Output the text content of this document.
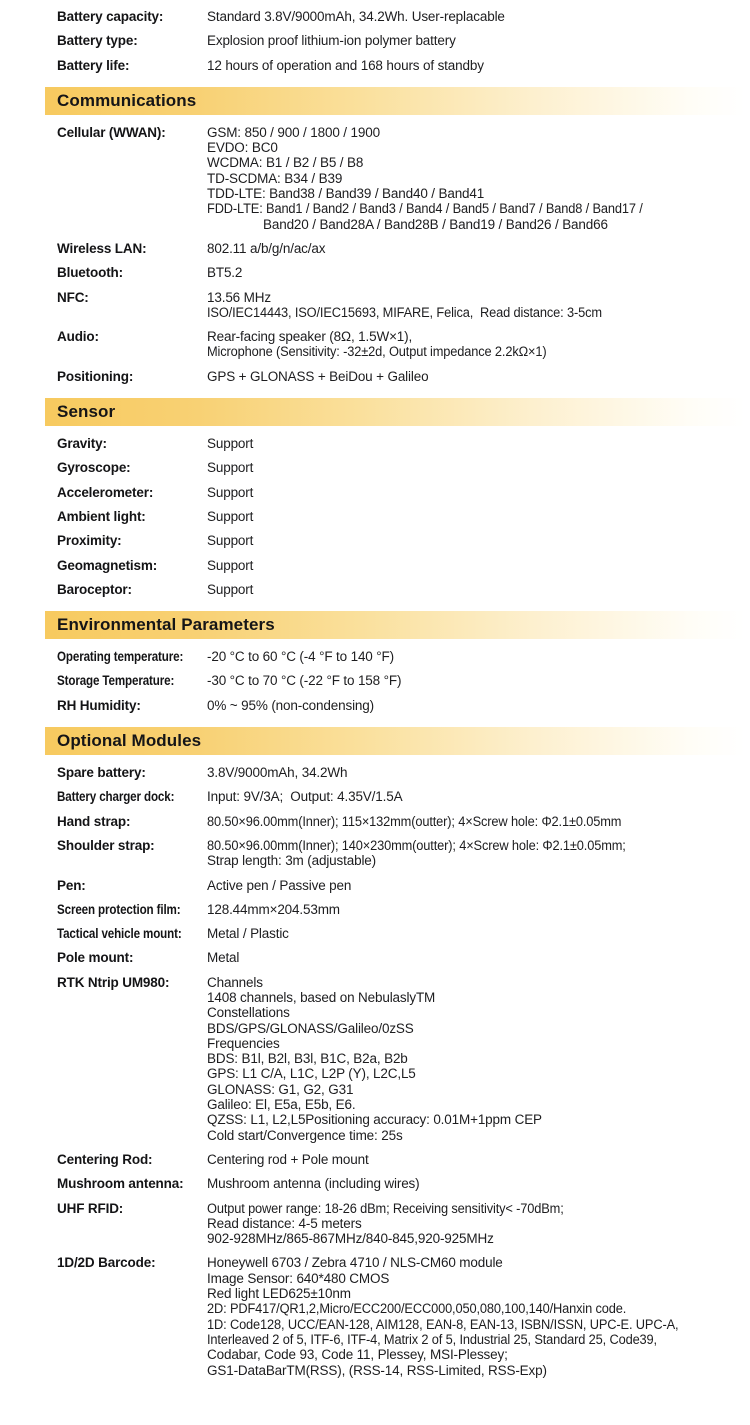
Battery capacity:	Standard 3.8V/9000mAh, 34.2Wh. User-replacable
Battery type:	Explosion proof lithium-ion polymer battery
Battery life:	12 hours of operation and 168 hours of standby
Communications
Cellular (WWAN):	GSM: 850 / 900 / 1800 / 1900
EVDO: BC0
WCDMA: B1 / B2 / B5 / B8
TD-SCDMA: B34 / B39
TDD-LTE: Band38 / Band39 / Band40 / Band41
FDD-LTE: Band1 / Band2 / Band3 / Band4 / Band5 / Band7 / Band8 / Band17 /
Band20 / Band28A / Band28B / Band19 / Band26 / Band66
Wireless LAN:	802.11 a/b/g/n/ac/ax
Bluetooth:	BT5.2
NFC:	13.56 MHz
ISO/IEC14443, ISO/IEC15693, MIFARE, Felica,  Read distance: 3-5cm
Audio:	Rear-facing speaker (8Ω, 1.5W×1),
Microphone (Sensitivity: -32±2d, Output impedance 2.2kΩ×1)
Positioning:	GPS + GLONASS + BeiDou + Galileo
Sensor
Gravity:	Support
Gyroscope:	Support
Accelerometer:	Support
Ambient light:	Support
Proximity:	Support
Geomagnetism:	Support
Baroceptor:	Support
Environmental Parameters
Operating temperature: -20 °C to 60 °C (-4 °F to 140 °F)
Storage Temperature:	-30 °C to 70 °C (-22 °F to 158 °F)
RH Humidity:	0% ~ 95% (non-condensing)
Optional Modules
Spare battery:	3.8V/9000mAh, 34.2Wh
Battery charger dock:	Input: 9V/3A;  Output: 4.35V/1.5A
Hand strap:	80.50×96.00mm(Inner); 115×132mm(outter); 4×Screw hole: Φ2.1±0.05mm
Shoulder strap:	80.50×96.00mm(Inner); 140×230mm(outter); 4×Screw hole: Φ2.1±0.05mm;
Strap length: 3m (adjustable)
Pen:	Active pen / Passive pen
Screen protection film:	128.44mm×204.53mm
Tactical vehicle mount:	Metal / Plastic
Pole mount:	Metal
RTK Ntrip UM980:	Channels
1408 channels, based on NebulaslyTM
Constellations
BDS/GPS/GLONASS/Galileo/0zSS
Frequencies
BDS: B1l, B2l, B3l, B1C, B2a, B2b
GPS: L1 C/A, L1C, L2P (Y), L2C,L5
GLONASS: G1, G2, G31
Galileo: El, E5a, E5b, E6.
QZSS: L1, L2,L5Positioning accuracy: 0.01M+1ppm CEP
Cold start/Convergence time: 25s
Centering Rod:	Centering rod + Pole mount
Mushroom antenna:	Mushroom antenna (including wires)
UHF RFID:	Output power range: 18-26 dBm; Receiving sensitivity< -70dBm;
Read distance: 4-5 meters
902-928MHz/865-867MHz/840-845,920-925MHz
1D/2D Barcode:	Honeywell 6703 / Zebra 4710 / NLS-CM60 module
Image Sensor: 640*480 CMOS
Red light LED625±10nm
2D: PDF417/QR1,2,Micro/ECC200/ECC000,050,080,100,140/Hanxin code.
1D: Code128, UCC/EAN-128, AIM128, EAN-8, EAN-13, ISBN/ISSN, UPC-E. UPC-A,
Interleaved 2 of 5, ITF-6, ITF-4, Matrix 2 of 5, Industrial 25, Standard 25, Code39,
Codabar, Code 93, Code 11, Plessey, MSI-Plessey;
GS1-DataBarTM(RSS), (RSS-14, RSS-Limited, RSS-Exp)
